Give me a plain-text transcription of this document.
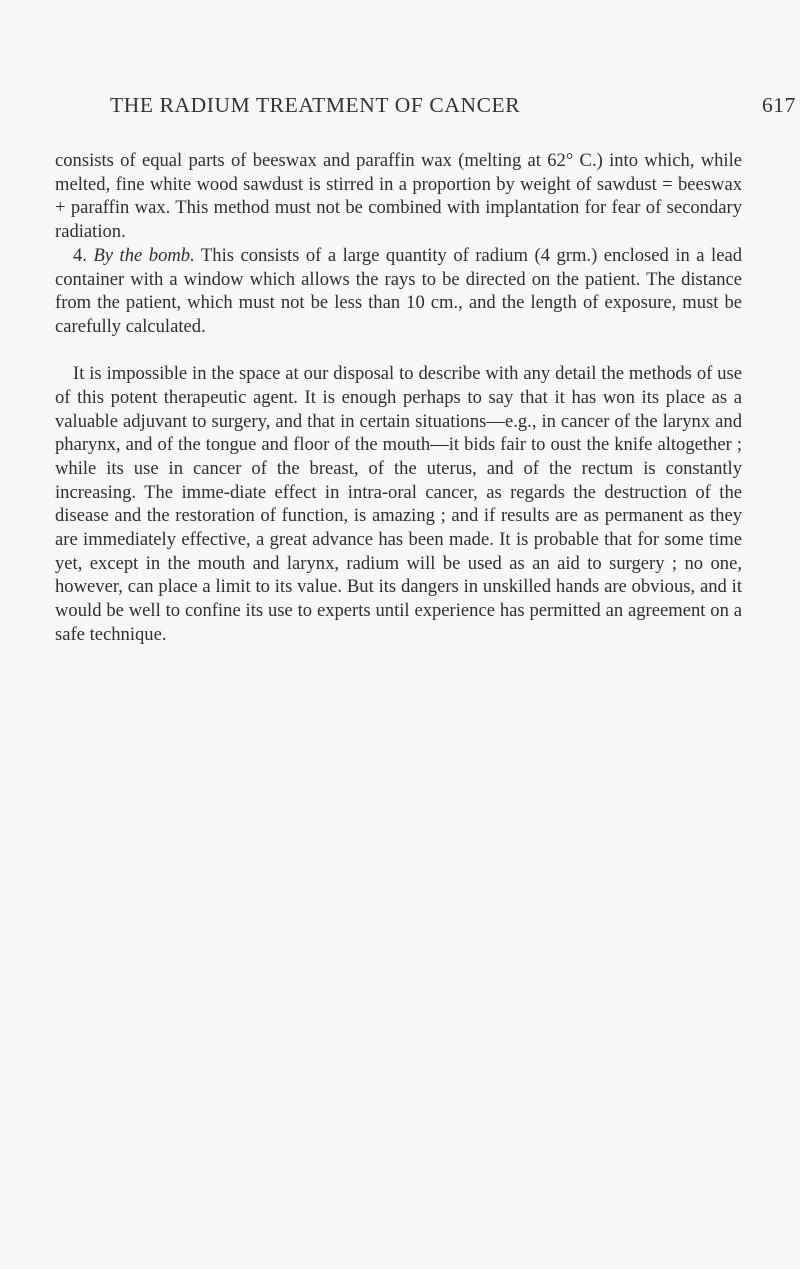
THE RADIUM TREATMENT OF CANCER	617

consists of equal parts of beeswax and paraffin wax (melting at 62° C.) into which, while melted, fine white wood sawdust is stirred in a proportion by weight of sawdust = beeswax + paraffin wax. This method must not be combined with implantation for fear of secondary radiation.

4. By the bomb. This consists of a large quantity of radium (4 grm.) enclosed in a lead container with a window which allows the rays to be directed on the patient. The distance from the patient, which must not be less than 10 cm., and the length of exposure, must be carefully calculated.

It is impossible in the space at our disposal to describe with any detail the methods of use of this potent therapeutic agent. It is enough perhaps to say that it has won its place as a valuable adjuvant to surgery, and that in certain situations—e.g., in cancer of the larynx and pharynx, and of the tongue and floor of the mouth—it bids fair to oust the knife altogether ; while its use in cancer of the breast, of the uterus, and of the rectum is constantly increasing. The imme-diate effect in intra-oral cancer, as regards the destruction of the disease and the restoration of function, is amazing ; and if results are as permanent as they are immediately effective, a great advance has been made. It is probable that for some time yet, except in the mouth and larynx, radium will be used as an aid to surgery ; no one, however, can place a limit to its value. But its dangers in unskilled hands are obvious, and it would be well to confine its use to experts until experience has permitted an agreement on a safe technique.
